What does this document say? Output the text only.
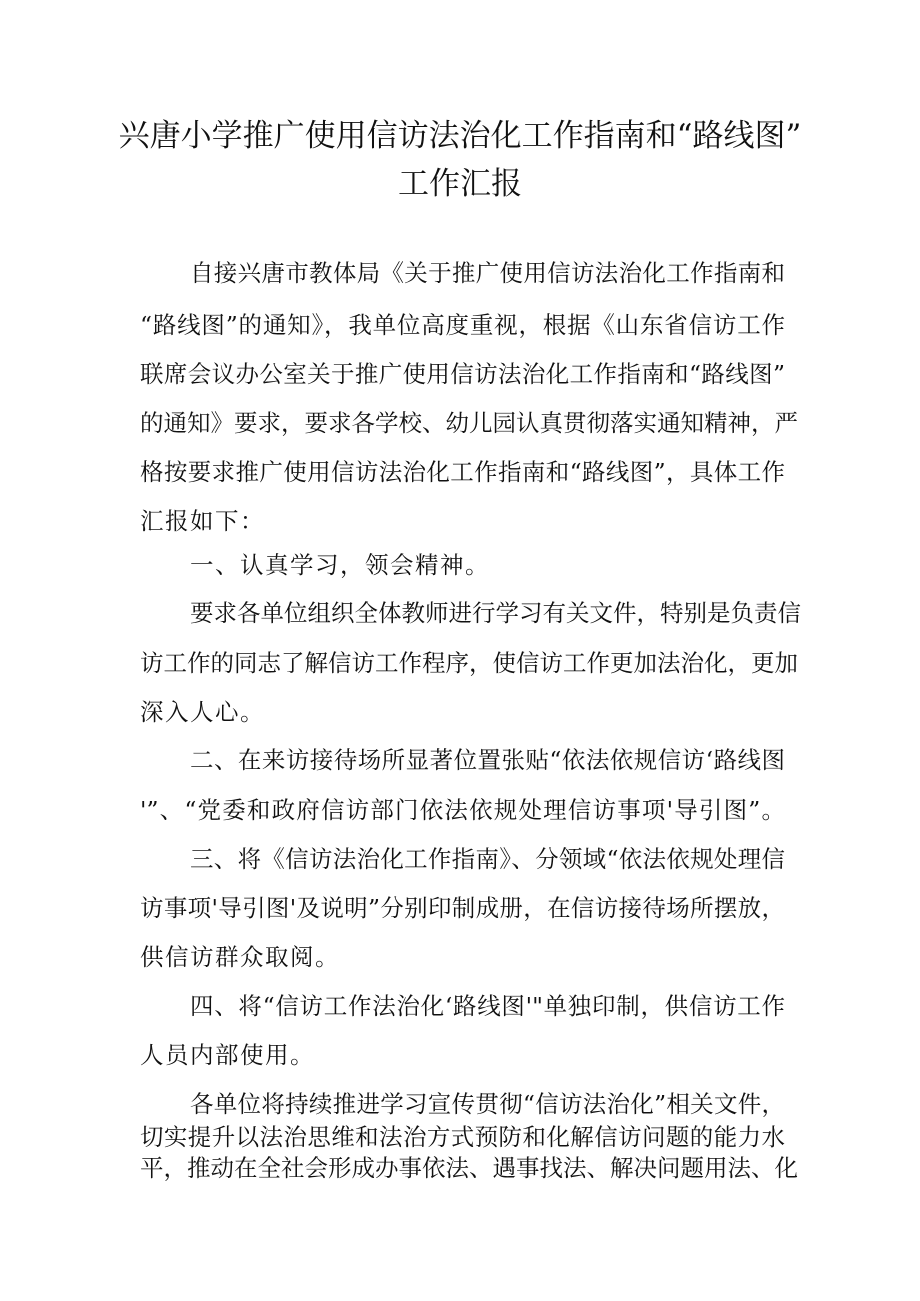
兴唐小学推广使用信访法治化工作指南和“路线图”
工作汇报
自接兴唐市教体局《关于推广使用信访法治化工作指南和
“路线图”的通知》，我单位高度重视，根据《山东省信访工作
联席会议办公室关于推广使用信访法治化工作指南和“路线图”
的通知》要求，要求各学校、幼儿园认真贯彻落实通知精神，严
格按要求推广使用信访法治化工作指南和“路线图”，具体工作
汇报如下：
一、认真学习，领会精神。
要求各单位组织全体教师进行学习有关文件，特别是负责信
访工作的同志了解信访工作程序，使信访工作更加法治化，更加
深入人心。
二、在来访接待场所显著位置张贴“依法依规信访‘路线图
'”、“党委和政府信访部门依法依规处理信访事项'导引图”。
三、将《信访法治化工作指南》、分领域“依法依规处理信
访事项'导引图'及说明”分别印制成册，在信访接待场所摆放，
供信访群众取阅。
四、将“信访工作法治化‘路线图'"单独印制，供信访工作
人员内部使用。
各单位将持续推进学习宣传贯彻“信访法治化”相关文件，
切实提升以法治思维和法治方式预防和化解信访问题的能力水
平，推动在全社会形成办事依法、遇事找法、解决问题用法、化
